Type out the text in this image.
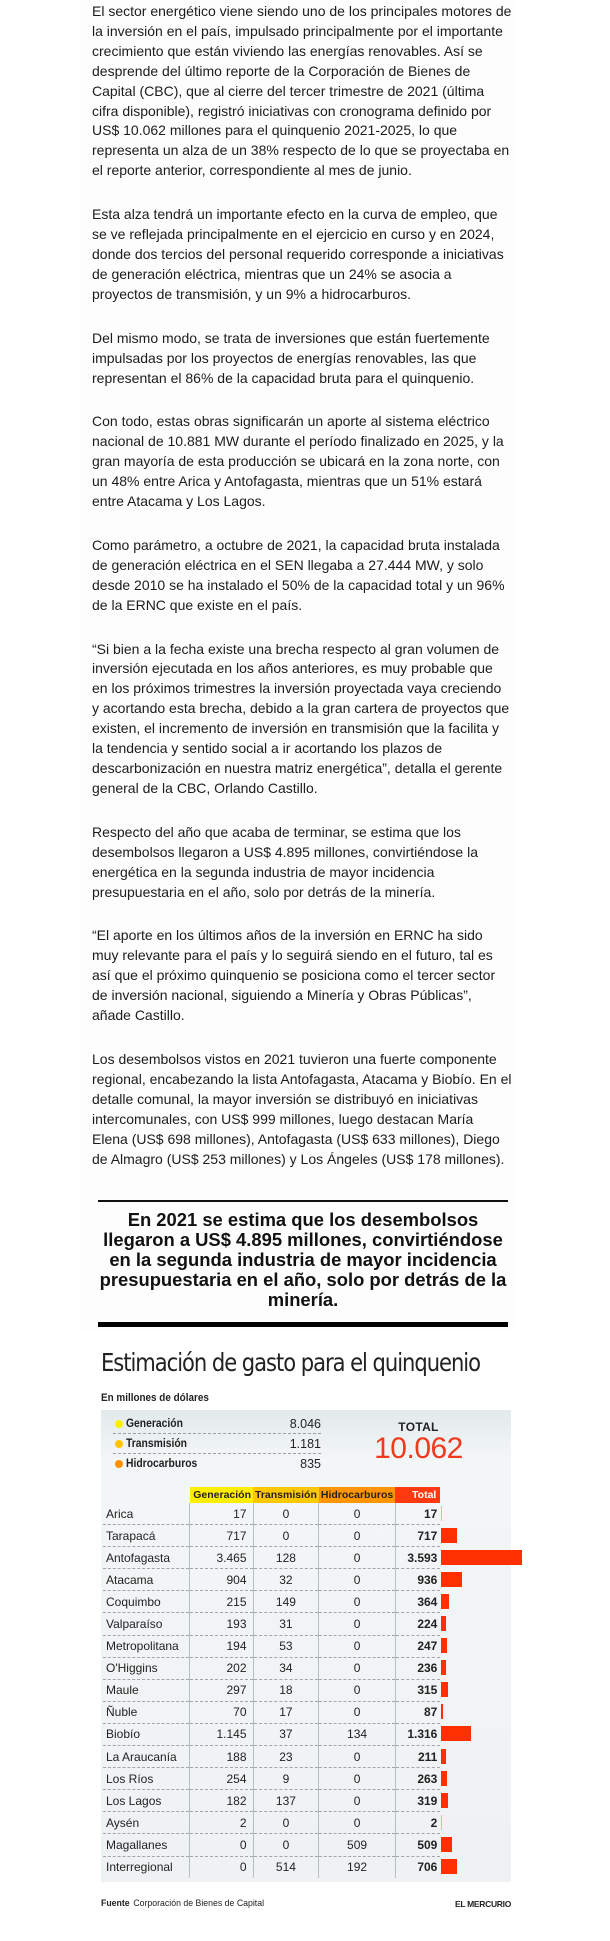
El sector energético viene siendo uno de los principales motores de la inversión en el país, impulsado principalmente por el importante crecimiento que están viviendo las energías renovables. Así se desprende del último reporte de la Corporación de Bienes de Capital (CBC), que al cierre del tercer trimestre de 2021 (última cifra disponible), registró iniciativas con cronograma definido por US$ 10.062 millones para el quinquenio 2021-2025, lo que representa un alza de un 38% respecto de lo que se proyectaba en el reporte anterior, correspondiente al mes de junio.

Esta alza tendrá un importante efecto en la curva de empleo, que se ve reflejada principalmente en el ejercicio en curso y en 2024, donde dos tercios del personal requerido corresponde a iniciativas de generación eléctrica, mientras que un 24% se asocia a proyectos de transmisión, y un 9% a hidrocarburos.

Del mismo modo, se trata de inversiones que están fuertemente impulsadas por los proyectos de energías renovables, las que representan el 86% de la capacidad bruta para el quinquenio.

Con todo, estas obras significarán un aporte al sistema eléctrico nacional de 10.881 MW durante el período finalizado en 2025, y la gran mayoría de esta producción se ubicará en la zona norte, con un 48% entre Arica y Antofagasta, mientras que un 51% estará entre Atacama y Los Lagos.

Como parámetro, a octubre de 2021, la capacidad bruta instalada de generación eléctrica en el SEN llegaba a 27.444 MW, y solo desde 2010 se ha instalado el 50% de la capacidad total y un 96% de la ERNC que existe en el país.

“Si bien a la fecha existe una brecha respecto al gran volumen de inversión ejecutada en los años anteriores, es muy probable que en los próximos trimestres la inversión proyectada vaya creciendo y acortando esta brecha, debido a la gran cartera de proyectos que existen, el incremento de inversión en transmisión que la facilita y la tendencia y sentido social a ir acortando los plazos de descarbonización en nuestra matriz energética”, detalla el gerente general de la CBC, Orlando Castillo.

Respecto del año que acaba de terminar, se estima que los desembolsos llegaron a US$ 4.895 millones, convirtiéndose la energética en la segunda industria de mayor incidencia presupuestaria en el año, solo por detrás de la minería.

“El aporte en los últimos años de la inversión en ERNC ha sido muy relevante para el país y lo seguirá siendo en el futuro, tal es así que el próximo quinquenio se posiciona como el tercer sector de inversión nacional, siguiendo a Minería y Obras Públicas”, añade Castillo.

Los desembolsos vistos en 2021 tuvieron una fuerte componente regional, encabezando la lista Antofagasta, Atacama y Biobío. En el detalle comunal, la mayor inversión se distribuyó en iniciativas intercomunales, con US$ 999 millones, luego destacan María Elena (US$ 698 millones), Antofagasta (US$ 633 millones), Diego de Almagro (US$ 253 millones) y Los Ángeles (US$ 178 millones).

En 2021 se estima que los desembolsos llegaron a US$ 4.895 millones, convirtiéndose en la segunda industria de mayor incidencia presupuestaria en el año, solo por detrás de la minería.
Estimación de gasto para el quinquenio
En millones de dólares
Generación	8.046
Transmisión	1.181
Hidrocarburos	835
TOTAL
10.062
	Generación	Transmisión	Hidrocarburos	Total	
Arica	17	0	0	17	

Tarapacá	717	0	0	717	

Antofagasta	3.465	128	0	3.593	

Atacama	904	32	0	936	

Coquimbo	215	149	0	364	

Valparaíso	193	31	0	224	

Metropolitana	194	53	0	247	

O'Higgins	202	34	0	236	

Maule	297	18	0	315	

Ñuble	70	17	0	87	

Biobío	1.145	37	134	1.316	

La Araucanía	188	23	0	211	

Los Ríos	254	9	0	263	

Los Lagos	182	137	0	319	

Aysén	2	0	0	2	

Magallanes	0	0	509	509	

Interregional	0	514	192	706	
Fuente Corporación de Bienes de Capital	EL MERCURIO
